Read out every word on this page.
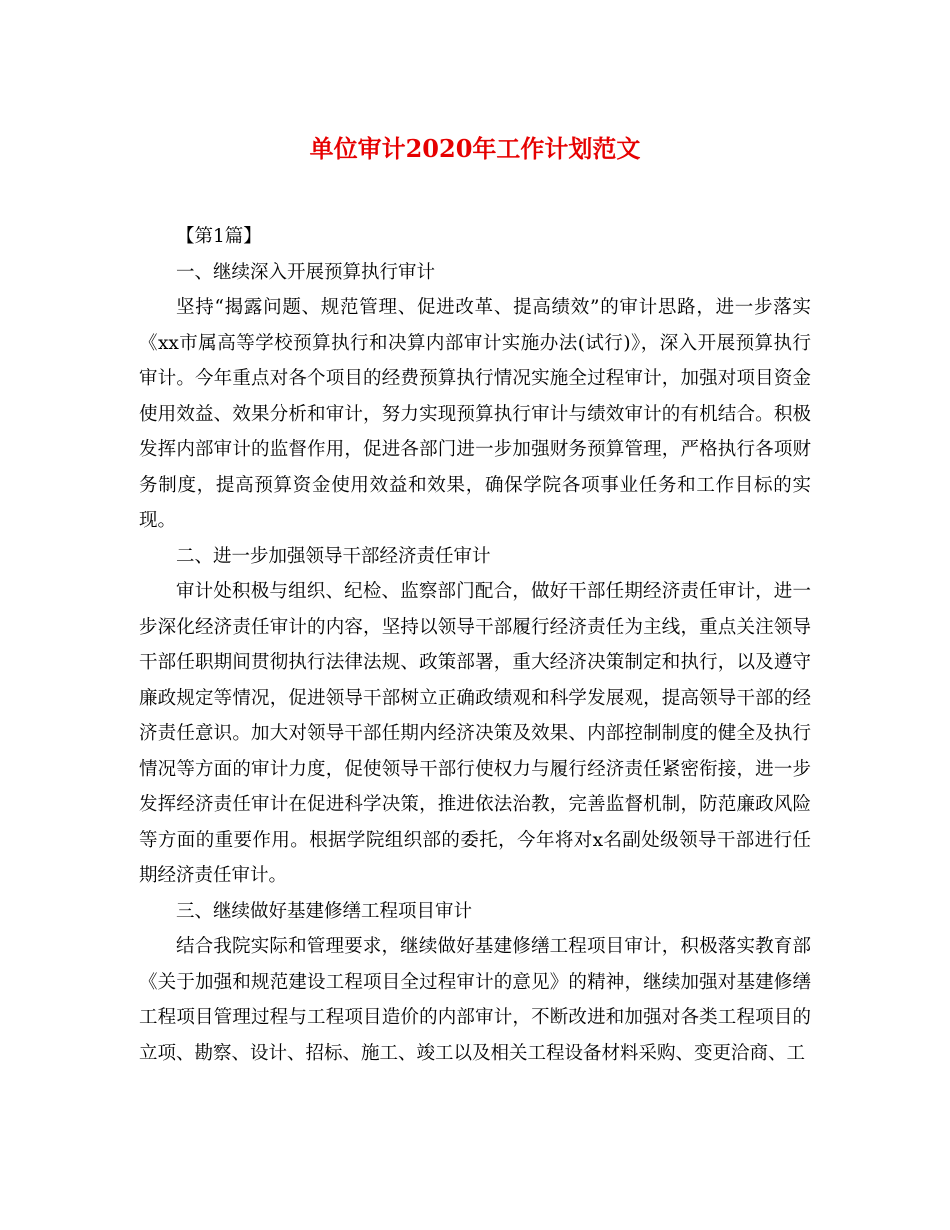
单位审计2020年工作计划范文

【第1篇】

一、继续深入开展预算执行审计

坚持“揭露问题、规范管理、促进改革、提高绩效”的审计思路，进一步落实《xx市属高等学校预算执行和决算内部审计实施办法(试行)》，深入开展预算执行审计。今年重点对各个项目的经费预算执行情况实施全过程审计，加强对项目资金使用效益、效果分析和审计，努力实现预算执行审计与绩效审计的有机结合。积极发挥内部审计的监督作用，促进各部门进一步加强财务预算管理，严格执行各项财务制度，提高预算资金使用效益和效果，确保学院各项事业任务和工作目标的实现。

二、进一步加强领导干部经济责任审计

审计处积极与组织、纪检、监察部门配合，做好干部任期经济责任审计，进一步深化经济责任审计的内容，坚持以领导干部履行经济责任为主线，重点关注领导干部任职期间贯彻执行法律法规、政策部署，重大经济决策制定和执行，以及遵守廉政规定等情况，促进领导干部树立正确政绩观和科学发展观，提高领导干部的经济责任意识。加大对领导干部任期内经济决策及效果、内部控制制度的健全及执行情况等方面的审计力度，促使领导干部行使权力与履行经济责任紧密衔接，进一步发挥经济责任审计在促进科学决策，推进依法治教，完善监督机制，防范廉政风险等方面的重要作用。根据学院组织部的委托，今年将对x名副处级领导干部进行任期经济责任审计。

三、继续做好基建修缮工程项目审计

结合我院实际和管理要求，继续做好基建修缮工程项目审计，积极落实教育部《关于加强和规范建设工程项目全过程审计的意见》的精神，继续加强对基建修缮工程项目管理过程与工程项目造价的内部审计，不断改进和加强对各类工程项目的立项、勘察、设计、招标、施工、竣工以及相关工程设备材料采购、变更洽商、工
